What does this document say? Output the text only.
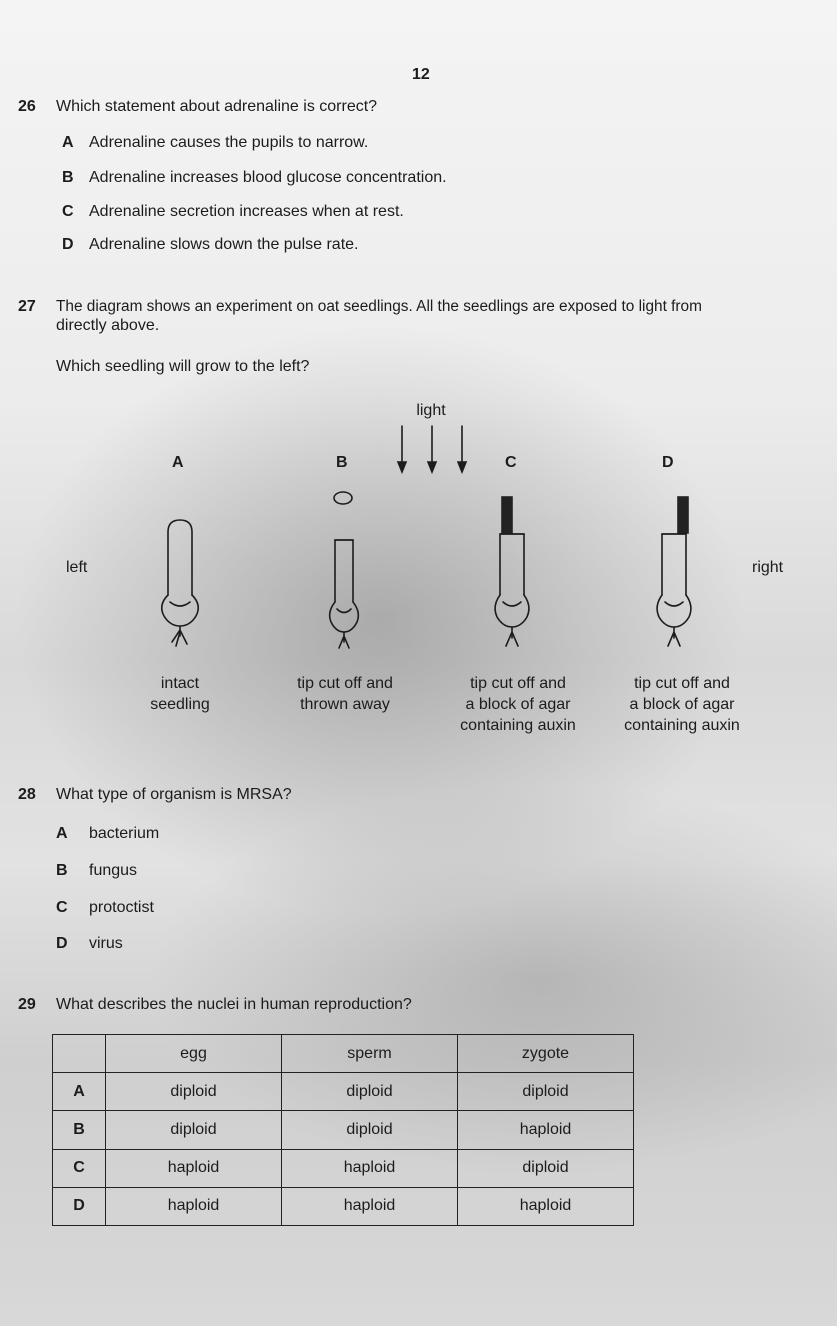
12
26 Which statement about adrenaline is correct?
A Adrenaline causes the pupils to narrow.
B Adrenaline increases blood glucose concentration.
C Adrenaline secretion increases when at rest.
D Adrenaline slows down the pulse rate.
27 The diagram shows an experiment on oat seedlings. All the seedlings are exposed to light from
directly above.
Which seedling will grow to the left?
light
left	right
A	B	C	D
intact
seedling
tip cut off and
thrown away
tip cut off and
a block of agar
containing auxin
tip cut off and
a block of agar
containing auxin
28 What type of organism is MRSA?
A bacterium
B fungus
C protoctist
D virus
29 What describes the nuclei in human reproduction?
	egg	sperm	zygote
A	diploid	diploid	diploid
B	diploid	diploid	haploid
C	haploid	haploid	diploid
D	haploid	haploid	haploid
